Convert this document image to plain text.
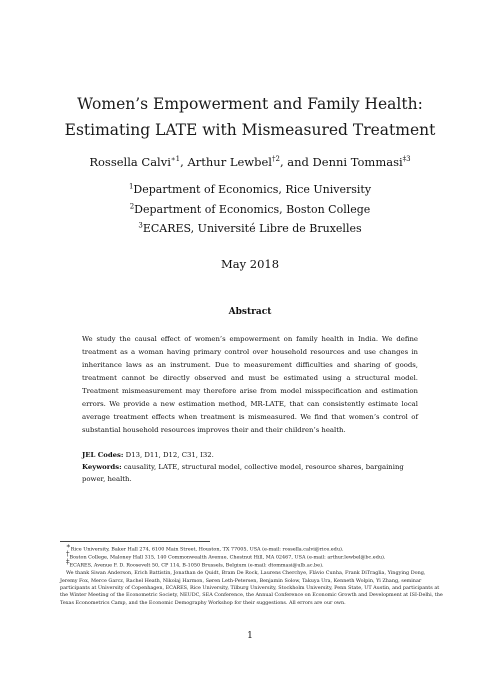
Women’s Empowerment and Family Health:
Estimating LATE with Mismeasured Treatment
Rossella Calvi$^{∗1}$, Arthur Lewbel$^{\dagger 2}$, and Denni Tommasi$^{\ddagger 3}$
$^1$Department of Economics, Rice University
$^2$Department of Economics, Boston College
$^3$ECARES, Université Libre de Bruxelles
May 2018
Abstract
We study the causal effect of women’s empowerment on family health in India. We define treatment as a woman having primary control over household resources and use changes in inheritance laws as an instrument. Due to measurement difficulties and sharing of goods, treatment cannot be directly observed and must be estimated using a structural model. Treatment mismeasurement may therefore arise from model misspecification and estimation errors. We provide a new estimation method, MR-LATE, that can consistently estimate local average treatment effects when treatment is mismeasured. We find that women’s control of substantial household resources improves their and their children’s health.
JEL Codes: D13, D11, D12, C31, I32.
Keywords: causality, LATE, structural model, collective model, resource shares, bargaining power, health.

∗Rice University, Baker Hall 274, 6100 Main Street, Houston, TX 77005, USA (e-mail: rossella.calvi@rice.edu).

†Boston College, Maloney Hall 315, 140 Commonwealth Avenue, Chestnut Hill, MA 02467, USA (e-mail: arthur.lewbel@bc.edu).

‡ECARES, Avenue F. D. Roosevelt 50, CP 114, B-1050 Brussels, Belgium (e-mail: dtommasi@ulb.ac.be).

We thank Siwan Anderson, Erich Battistin, Jonathan de Quidt, Bram De Rock, Laurens Cherchye, Flávio Cunha, Frank DiTraglia, Yingying Dong, Jeremy Fox, Merce Garcz, Rachel Heath, Nikolaj Harmon, Søren Leth-Petersen, Benjamin Solow, Takuya Ura, Kenneth Wolpin, Yi Zhang, seminar participants at University of Copenhagen, ECARES, Rice University, Tilburg University, Stockholm University, Penn State, UT Austin, and participants at the Winter Meeting of the Econometric Society, NEUDC, SEA Conference, the Annual Conference on Economic Growth and Development at ISI-Delhi, the Texas Econometrics Camp, and the Economic Demography Workshop for their suggestions. All errors are our own.

1
